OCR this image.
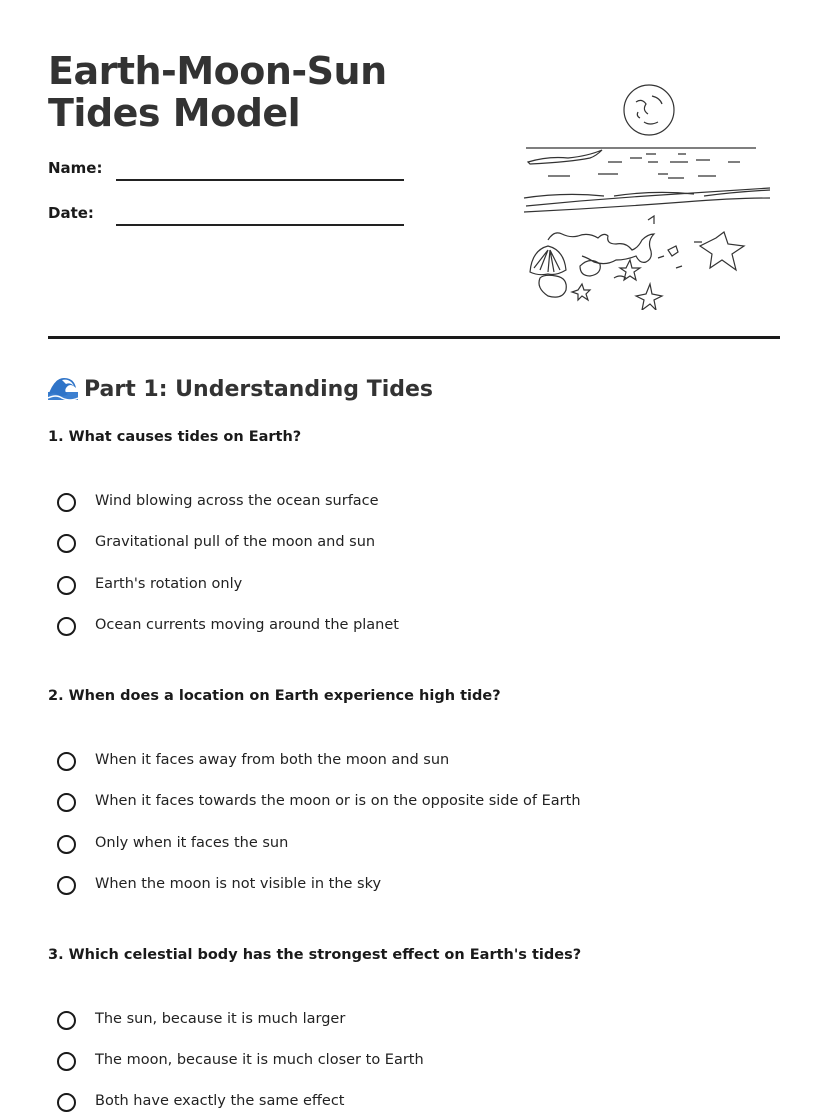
Earth-Moon-Sun Tides Model
Name:
Date:
Part 1: Understanding Tides
1. What causes tides on Earth?
Wind blowing across the ocean surface
Gravitational pull of the moon and sun
Earth's rotation only
Ocean currents moving around the planet
2. When does a location on Earth experience high tide?
When it faces away from both the moon and sun
When it faces towards the moon or is on the opposite side of Earth
Only when it faces the sun
When the moon is not visible in the sky
3. Which celestial body has the strongest effect on Earth's tides?
The sun, because it is much larger
The moon, because it is much closer to Earth
Both have exactly the same effect
